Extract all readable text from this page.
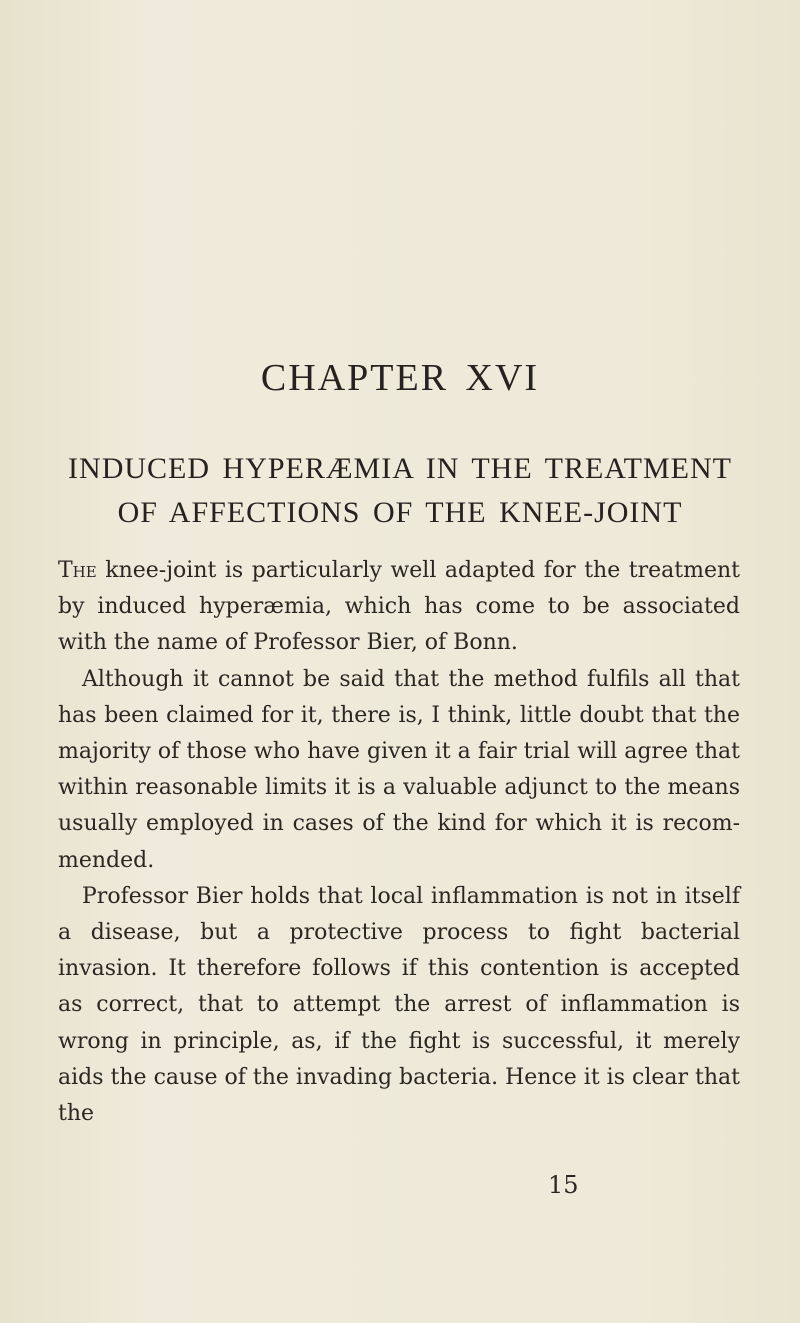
CHAPTER XVI
INDUCED HYPERÆMIA IN THE TREATMENT
OF AFFECTIONS OF THE KNEE-JOINT

The knee-joint is particularly well adapted for the treatment by induced hyperæmia, which has come to be associated with the name of Professor Bier, of Bonn.

Although it cannot be said that the method fulfils all that has been claimed for it, there is, I think, little doubt that the majority of those who have given it a fair trial will agree that within reasonable limits it is a valuable adjunct to the means usually employed in cases of the kind for which it is recommended.

Professor Bier holds that local inflammation is not in itself a disease, but a protective process to fight bacterial invasion. It therefore follows if this contention is accepted as correct, that to attempt the arrest of inflammation is wrong in principle, as, if the fight is successful, it merely aids the cause of the invading bacteria. Hence it is clear that the

15
